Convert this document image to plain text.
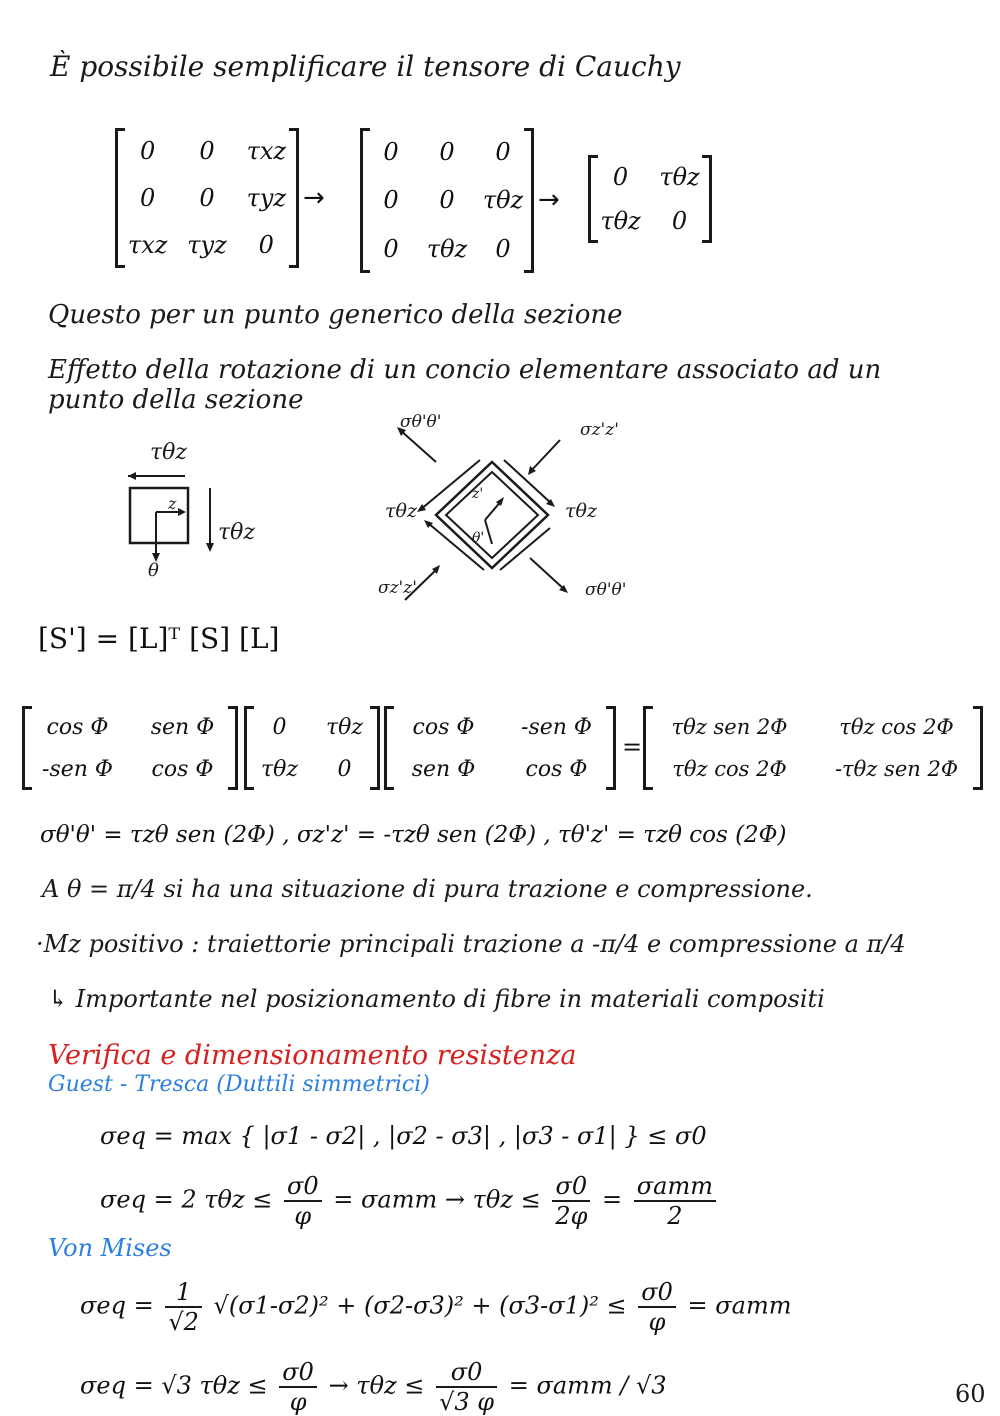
È possibile semplificare il tensore di Cauchy
0 0 τxz
0 0 τyz
τxz τyz 0
→
0 0 0
0 0 τθz
0 τθz 0
→
0 τθz
τθz 0
Questo per un punto generico della sezione
Effetto della rotazione di un concio elementare associato ad un
punto della sezione
τθz
τθz
z
θ
σθ'θ'	σz'z'
τθz	τθz
σz'z'	σθ'θ'
z'
θ'
[S'] = [L]ᵀ [S] [L]
cos Φ sen Φ
-sen Φ cos Φ
0 τθz
τθz 0
cos Φ -sen Φ
sen Φ cos Φ
=
τθz sen 2Φ τθz cos 2Φ
τθz cos 2Φ -τθz sen 2Φ
σθ'θ' = τzθ sen (2Φ) , σz'z' = -τzθ sen (2Φ) , τθ'z' = τzθ cos (2Φ)
A θ = π/4 si ha una situazione di pura trazione e compressione.
·Mz positivo : traiettorie principali trazione a -π/4 e compressione a π/4
↳ Importante nel posizionamento di fibre in materiali compositi
Verifica e dimensionamento resistenza
Guest - Tresca (Duttili simmetrici)
σeq = max { |σ1 - σ2| , |σ2 - σ3| , |σ3 - σ1| } ≤ σ0
σeq = 2 $\tau\theta z \le \frac{\sigma 0}{\varphi} = \sigma amm \to \tau\theta z \le \frac{\sigma 0}{2\varphi} = \frac{\text{σamm}}{2}$
Von Mises
$\sigma eq = \frac{1}{√2} √(\sigma 1-\sigma 2)^2 + (\sigma 2-\sigma 3)^2 + (\sigma 3-\sigma 1)^2 \le \frac{\sigma 0}{\varphi} = \sigma amm$
σeq = √3 $\tau\theta z \le \frac{\sigma 0}{\varphi} \to \tau\theta z \le \frac{\sigma 0}{√3 \varphi} = \sigma amm / √3$	60
